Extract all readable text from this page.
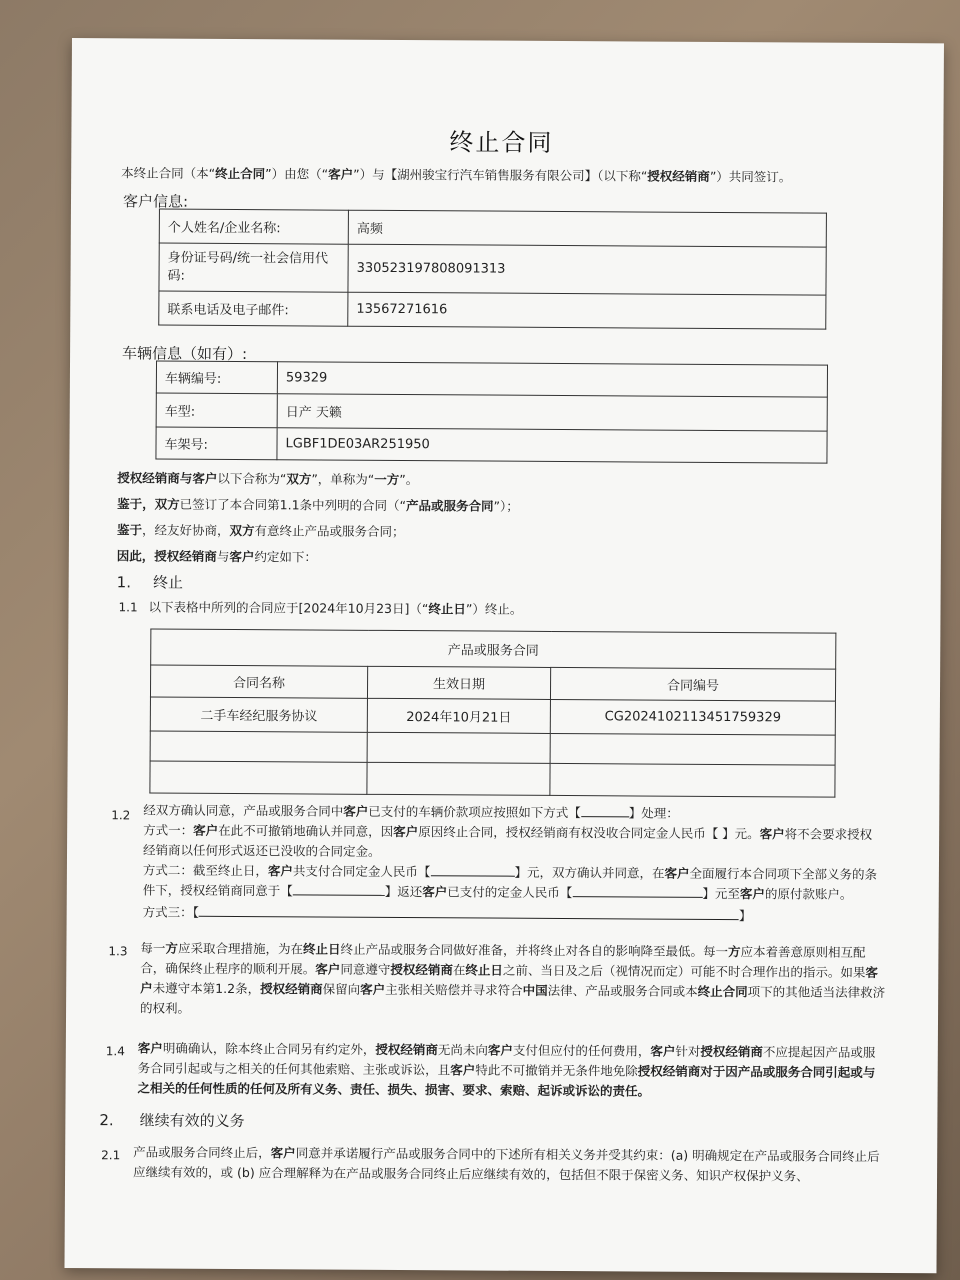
终止合同
本终止合同（本“终止合同”）由您（“客户”）与【湖州骏宝行汽车销售服务有限公司】（以下称“授权经销商”）共同签订。
客户信息:
个人姓名/企业名称:	高频
身份证号码/统一社会信用代码:	330523197808091313
联系电话及电子邮件:	13567271616
车辆信息（如有）:
车辆编号:	59329
车型:	日产 天籁
车架号:	LGBF1DE03AR251950
授权经销商与客户以下合称为“双方”，单称为“一方”。
鉴于，双方已签订了本合同第1.1条中列明的合同（“产品或服务合同”）；
鉴于，经友好协商，双方有意终止产品或服务合同；
因此，授权经销商与客户约定如下：
1. 终止
1.1 以下表格中所列的合同应于[2024年10月23日]（“终止日”）终止。
产品或服务合同		
合同名称	生效日期	合同编号
二手车经纪服务协议	2024年10月21日	CG2024102113451759329

1.2 经双方确认同意，产品或服务合同中客户已支付的车辆价款项应按照如下方式【	】处理：
方式一：客户在此不可撤销地确认并同意，因客户原因终止合同，授权经销商有权没收合同定金人民币【 】元。客户将不会要求授权经销商以任何形式返还已没收的合同定金。
方式二：截至终止日，客户共支付合同定金人民币【	】元，双方确认并同意，在客户全面履行本合同项下全部义务的条件下，授权经销商同意于【	】返还客户已支付的定金人民币【	】元至客户的原付款账户。
方式三：【	】
1.3 每一方应采取合理措施，为在终止日终止产品或服务合同做好准备，并将终止对各自的影响降至最低。每一方应本着善意原则相互配合，确保终止程序的顺利开展。客户同意遵守授权经销商在终止日之前、当日及之后（视情况而定）可能不时合理作出的指示。如果客户未遵守本第1.2条，授权经销商保留向客户主张相关赔偿并寻求符合中国法律、产品或服务合同或本终止合同项下的其他适当法律救济的权利。
1.4 客户明确确认，除本终止合同另有约定外，授权经销商无尚未向客户支付但应付的任何费用，客户针对授权经销商不应提起因产品或服务合同引起或与之相关的任何其他索赔、主张或诉讼，且客户特此不可撤销并无条件地免除授权经销商对于因产品或服务合同引起或与之相关的任何性质的任何及所有义务、责任、损失、损害、要求、索赔、起诉或诉讼的责任。
2. 继续有效的义务
2.1 产品或服务合同终止后，客户同意并承诺履行产品或服务合同中的下述所有相关义务并受其约束：(a) 明确规定在产品或服务合同终止后应继续有效的，或 (b) 应合理解释为在产品或服务合同终止后应继续有效的，包括但不限于保密义务、知识产权保护义务、
